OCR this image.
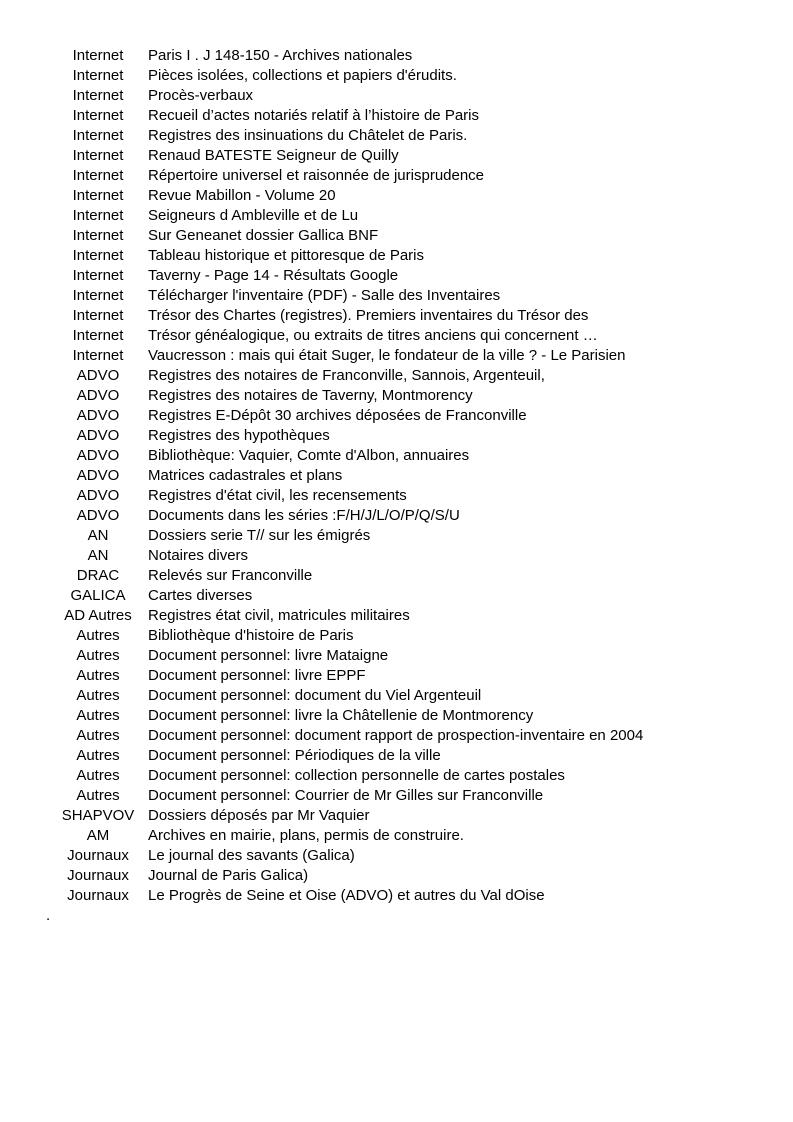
Internet	Paris I . J 148-150 - Archives nationales
Internet	Pièces isolées, collections et papiers d'érudits.
Internet	Procès-verbaux
Internet	Recueil d’actes notariés relatif à l’histoire de Paris
Internet	Registres des insinuations du Châtelet de Paris.
Internet	Renaud BATESTE Seigneur de Quilly
Internet	Répertoire universel et raisonnée de jurisprudence
Internet	Revue Mabillon - Volume 20
Internet	Seigneurs d Ambleville et de Lu
Internet	Sur Geneanet dossier Gallica BNF
Internet	Tableau historique et pittoresque de Paris
Internet	Taverny - Page 14 - Résultats Google
Internet	Télécharger l'inventaire (PDF) - Salle des Inventaires
Internet	Trésor des Chartes (registres). Premiers inventaires du Trésor des
Internet	Trésor généalogique, ou extraits de titres anciens qui concernent …
Internet	Vaucresson : mais qui était Suger, le fondateur de la ville ? - Le Parisien
ADVO	Registres des notaires de Franconville, Sannois, Argenteuil,
ADVO	Registres des notaires de Taverny, Montmorency
ADVO	Registres E-Dépôt 30 archives déposées de Franconville
ADVO	Registres des hypothèques
ADVO	Bibliothèque: Vaquier, Comte d'Albon, annuaires
ADVO	Matrices cadastrales et plans
ADVO	Registres d'état civil, les recensements
ADVO	Documents dans les séries :F/H/J/L/O/P/Q/S/U
AN	Dossiers serie T// sur les émigrés
AN	Notaires divers
DRAC	Relevés sur Franconville
GALICA	Cartes diverses
AD Autres	Registres état civil, matricules militaires
Autres	Bibliothèque d'histoire de Paris
Autres	Document personnel: livre Mataigne
Autres	Document personnel: livre EPPF
Autres	Document personnel: document du Viel Argenteuil
Autres	Document personnel: livre la Châtellenie de Montmorency
Autres	Document personnel: document rapport de prospection-inventaire en 2004
Autres	Document personnel: Périodiques de la ville
Autres	Document personnel: collection personnelle de cartes postales
Autres	Document personnel: Courrier de Mr Gilles sur Franconville
SHAPVOV Dossiers déposés par Mr Vaquier
AM	Archives en mairie, plans, permis de construire.
Journaux	Le journal des savants (Galica)
Journaux	Journal de Paris Galica)
Journaux	Le Progrès de Seine et Oise (ADVO) et autres du Val dOise
.
